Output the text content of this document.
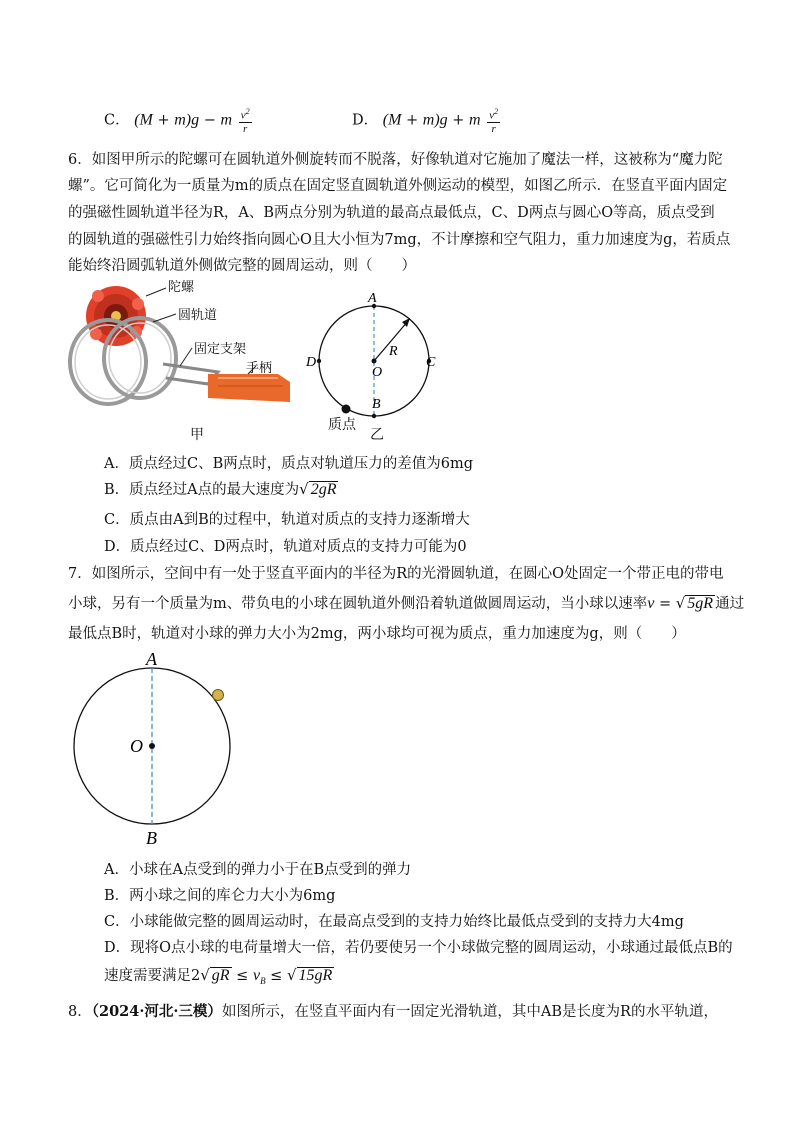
C． (M + m)g − m $\frac{v^2}{r}$	D． (M + m)g + m $\frac{v^2}{r}$
6．如图甲所示的陀螺可在圆轨道外侧旋转而不脱落，好像轨道对它施加了魔法一样，这被称为“魔力陀
螺”。它可简化为一质量为m的质点在固定竖直圆轨道外侧运动的模型，如图乙所示．在竖直平面内固定
的强磁性圆轨道半径为R，A、B两点分别为轨道的最高点最低点，C、D两点与圆心O等高，质点受到
的圆轨道的强磁性引力始终指向圆心O且大小恒为7mg，不计摩擦和空气阻力，重力加速度为g，若质点
能始终沿圆弧轨道外侧做完整的圆周运动，则（　　）
陀螺
圆轨道
固定支架
手柄
甲
A
B
C
D
O
R
质点
乙
A．质点经过C、B两点时，质点对轨道压力的差值为6mg
B．质点经过A点的最大速度为√ 2gR
C．质点由A到B的过程中，轨道对质点的支持力逐渐增大
D．质点经过C、D两点时，轨道对质点的支持力可能为0
7．如图所示，空间中有一处于竖直平面内的半径为R的光滑圆轨道，在圆心O处固定一个带正电的带电
小球，另有一个质量为m、带负电的小球在圆轨道外侧沿着轨道做圆周运动，当小球以速率v = √ 5gR 通过
最低点B时，轨道对小球的弹力大小为2mg，两小球均可视为质点，重力加速度为g，则（　　）
A
O
B
A．小球在A点受到的弹力小于在B点受到的弹力
B．两小球之间的库仑力大小为6mg
C．小球能做完整的圆周运动时，在最高点受到的支持力始终比最低点受到的支持力大4mg
D．现将O点小球的电荷量增大一倍，若仍要使另一个小球做完整的圆周运动，小球通过最低点B的
速度需要满足2√ gR ≤ $v_B$ ≤ √ 15gR
8．（2024·河北·三模）如图所示，在竖直平面内有一固定光滑轨道，其中AB是长度为R的水平轨道，
